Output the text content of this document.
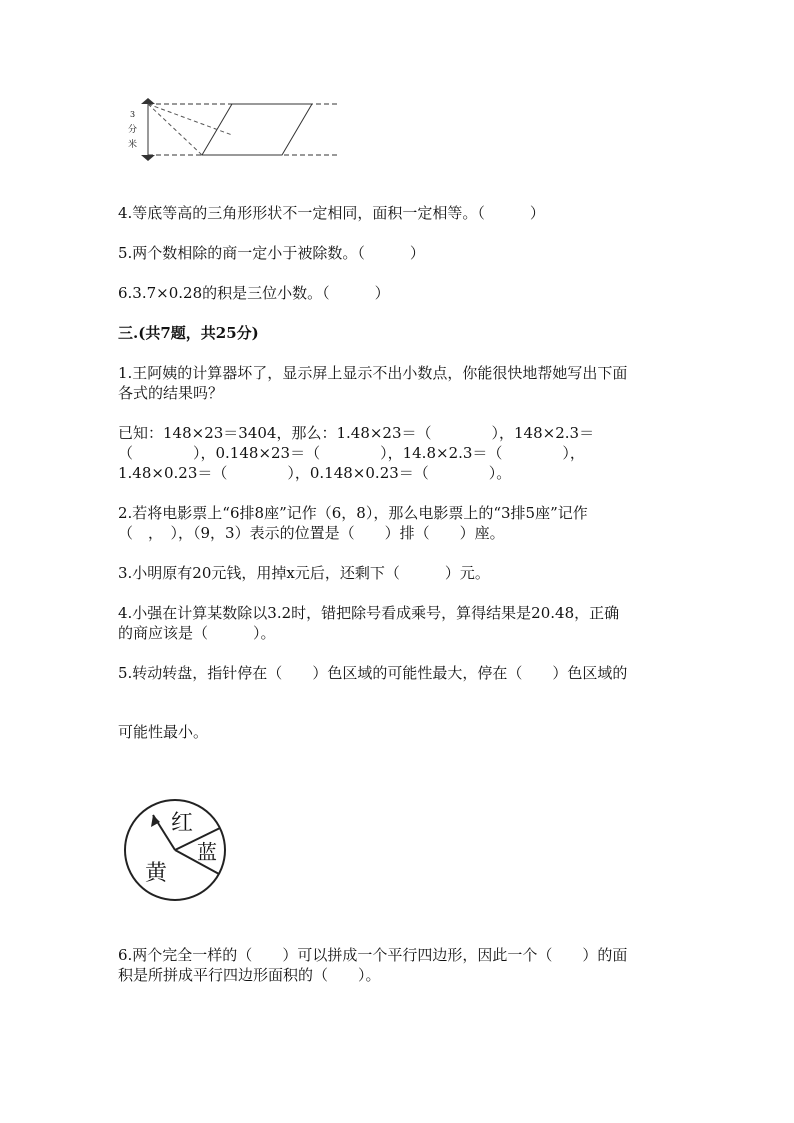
3
分
米
4.等底等高的三角形形状不一定相同，面积一定相等。（　　　）
5.两个数相除的商一定小于被除数。（　　　）
6.3.7×0.28的积是三位小数。（　　　）
三.(共7题，共25分)
1.王阿姨的计算器坏了，显示屏上显示不出小数点，你能很快地帮她写出下面
各式的结果吗？
已知：148×23＝3404，那么：1.48×23＝（　　　　），148×2.3＝
（　　　　），0.148×23＝（　　　　），14.8×2.3＝（　　　　），
1.48×0.23＝（　　　　），0.148×0.23＝（　　　　）。
2.若将电影票上“6排8座”记作（6，8），那么电影票上的“3排5座”记作
（　，　），（9，3）表示的位置是（　　）排（　　）座。
3.小明原有20元钱，用掉x元后，还剩下（　　　）元。
4.小强在计算某数除以3.2时，错把除号看成乘号，算得结果是20.48，正确
的商应该是（　　　）。
5.转动转盘，指针停在（　　）色区域的可能性最大，停在（　　）色区域的
可能性最小。
红
蓝
黄
6.两个完全一样的（　　）可以拼成一个平行四边形，因此一个（　　）的面
积是所拼成平行四边形面积的（　　）。
